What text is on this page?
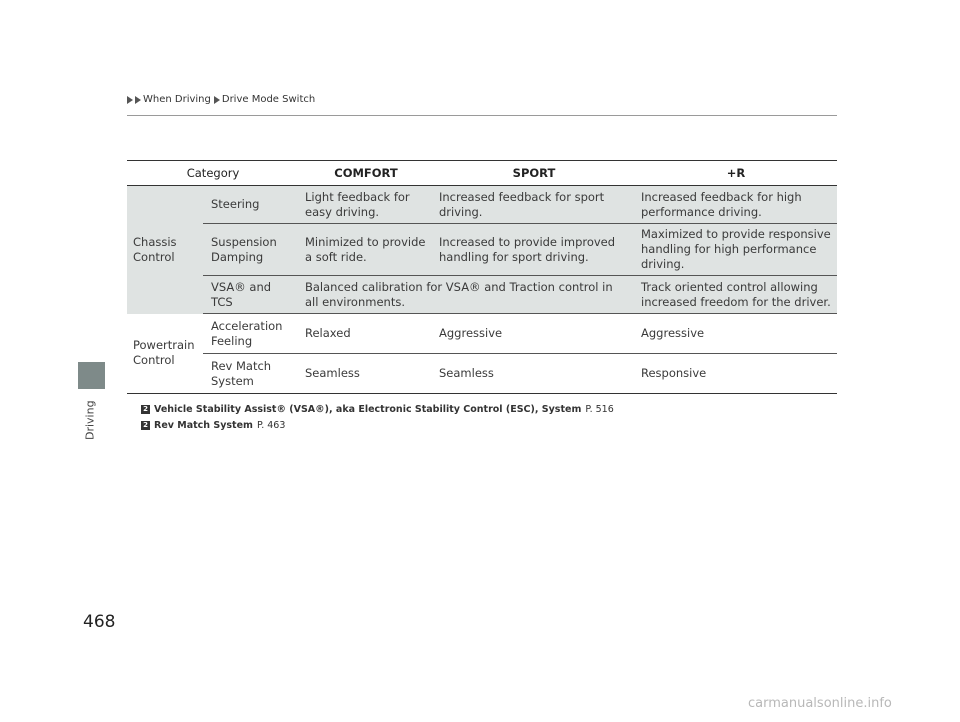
Driving
When Driving Drive Mode Switch
Category		COMFORT	SPORT	+R
Chassis
Control	Steering	Light feedback for easy driving.	Increased feedback for sport driving.	Increased feedback for high performance driving.
	Suspension Damping	Minimized to provide a soft ride.	Increased to provide improved handling for sport driving.	Maximized to provide responsive handling for high performance driving.
	VSA® and TCS	Balanced calibration for VSA® and Traction control in all environments.		Track oriented control allowing increased freedom for the driver.
Powertrain
Control	Acceleration Feeling	Relaxed	Aggressive	Aggressive
	Rev Match System	Seamless	Seamless	Responsive
2 Vehicle Stability Assist® (VSA®), aka Electronic Stability Control (ESC), System P. 516
2 Rev Match System P. 463
468
carmanualsonline.info
